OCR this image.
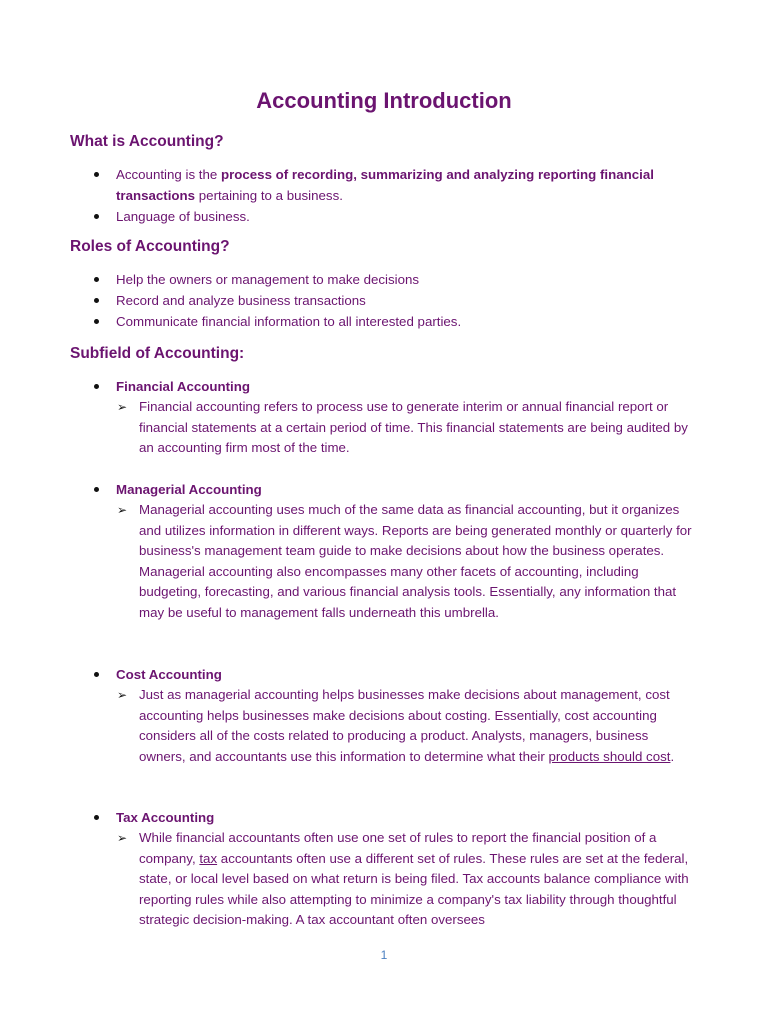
Accounting Introduction
What is Accounting?
Accounting is the process of recording, summarizing and analyzing reporting financial transactions pertaining to a business.
Language of business.
Roles of Accounting?
Help the owners or management to make decisions
Record and analyze business transactions
Communicate financial information to all interested parties.
Subfield of Accounting:
Financial Accounting
➢ Financial accounting refers to process use to generate interim or annual financial report or financial statements at a certain period of time. This financial statements are being audited by an accounting firm most of the time.
Managerial Accounting
➢ Managerial accounting uses much of the same data as financial accounting, but it organizes and utilizes information in different ways. Reports are being generated monthly or quarterly for business's management team guide to make decisions about how the business operates. Managerial accounting also encompasses many other facets of accounting, including budgeting, forecasting, and various financial analysis tools. Essentially, any information that may be useful to management falls underneath this umbrella.
Cost Accounting
➢ Just as managerial accounting helps businesses make decisions about management, cost accounting helps businesses make decisions about costing. Essentially, cost accounting considers all of the costs related to producing a product. Analysts, managers, business owners, and accountants use this information to determine what their products should cost.
Tax Accounting
➢ While financial accountants often use one set of rules to report the financial position of a company, tax accountants often use a different set of rules. These rules are set at the federal, state, or local level based on what return is being filed. Tax accounts balance compliance with reporting rules while also attempting to minimize a company's tax liability through thoughtful strategic decision-making. A tax accountant often oversees
1
